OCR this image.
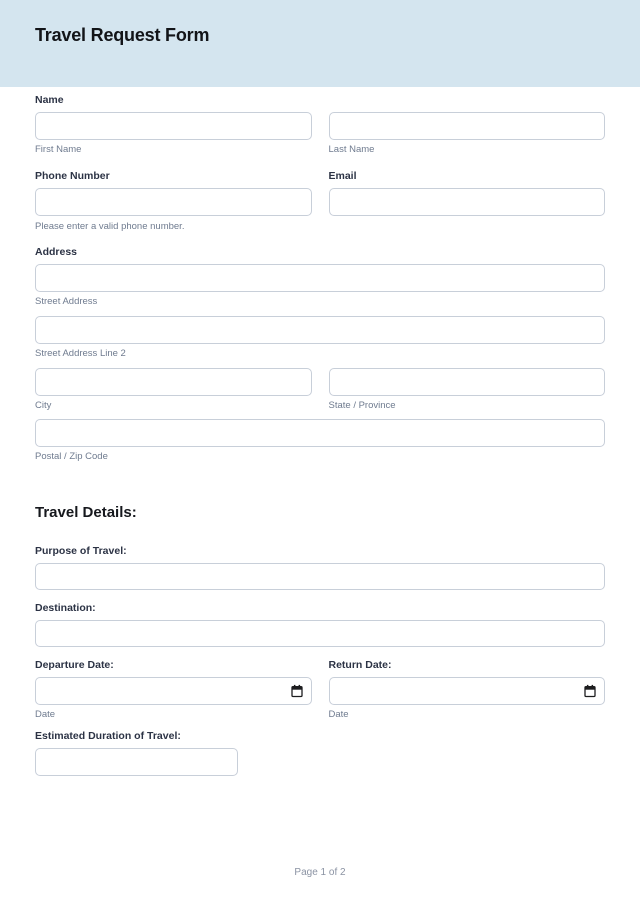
Travel Request Form
Name
First Name	Last Name
Phone Number
Please enter a valid phone number.
Email
Address
Street Address
Street Address Line 2
City	State / Province
Postal / Zip Code
Travel Details:
Purpose of Travel:
Destination:
Departure Date:
Date
Return Date:
Date
Estimated Duration of Travel:
Page 1 of 2
